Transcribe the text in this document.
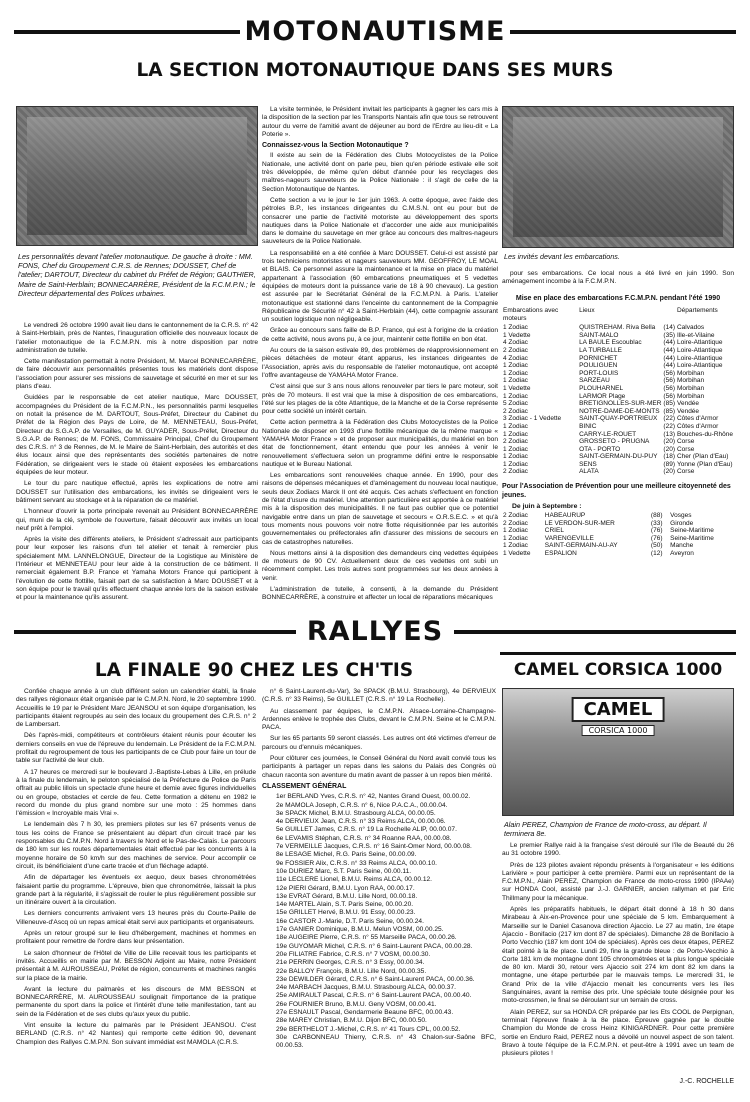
MOTONAUTISME
LA SECTION MOTONAUTIQUE DANS SES MURS
Les personnalités devant l'atelier motonautique. De gauche à droite : MM. FONS, Chef du Groupement C.R.S. de Rennes; DOUSSET, Chef de l'atelier; DARTOUT, Directeur du cabinet du Préfet de Région; GAUTHIER, Maire de Saint-Herblain; BONNECARRÈRE, Président de la F.C.M.P.N.; le Directeur départemental des Polices urbaines.

Le vendredi 26 octobre 1990 avait lieu dans le cantonnement de la C.R.S. n° 42 à Saint-Herblain, près de Nantes, l'inauguration officielle des nouveaux locaux de l'atelier motonautique de la F.C.M.P.N. mis à notre disposition par notre administration de tutelle.

Cette manifestation permettait à notre Président, M. Marcel BONNECARRÈRE, de faire découvrir aux personnalités présentes tous les matériels dont dispose l'association pour assurer ses missions de sauvetage et sécurité en mer et sur les plans d'eau.

Guidées par le responsable de cet atelier nautique, Marc DOUSSET, accompagnées du Président de la F.C.M.P.N., les personnalités parmi lesquelles on notait la présence de M. DARTOUT, Sous-Préfet, Directeur du Cabinet du Préfet de la Région des Pays de Loire, de M. MENNETEAU, Sous-Préfet, Directeur du S.G.A.P. de Versailles, de M. GUYADER, Sous-Préfet, Directeur du S.G.A.P. de Rennes; de M. FONS, Commissaire Principal, Chef du Groupement des C.R.S. n° 3 de Rennes, de M. le Maire de Saint-Herblain, des autorités et des élus locaux ainsi que des représentants des sociétés partenaires de notre Fédération, se dirigeaient vers le stade où étaient exposées les embarcations équipées de leur moteur.

Le tour du parc nautique effectué, après les explications de notre ami DOUSSET sur l'utilisation des embarcations, les invités se dirigeaient vers le bâtiment servant au stockage et à la réparation de ce matériel.

L'honneur d'ouvrir la porte principale revenait au Président BONNECARRÈRE qui, muni de la clé, symbole de l'ouverture, faisait découvrir aux invités un local neuf prêt à l'emploi.

Après la visite des différents ateliers, le Président s'adressait aux participants pour leur exposer les raisons d'un tel atelier et tenait à remercier plus spécialement MM. LANNELONGUE, Directeur de la Logistique au Ministère de l'Intérieur et MENNETEAU pour leur aide à la construction de ce bâtiment. Il remerciait également B.P. France et Yamaha Motors France qui participent à l'évolution de cette flottille, faisait part de sa satisfaction à Marc DOUSSET et à son équipe pour le travail qu'ils effectuent chaque année lors de la saison estivale et pour la maintenance qu'ils assurent.

La visite terminée, le Président invitait les participants à gagner les cars mis à la disposition de la section par les Transports Nantais afin que tous se retrouvent autour du verre de l'amitié avant de déjeuner au bord de l'Erdre au lieu-dit « La Poterie ».

Connaissez-vous la Section Motonautique ?

Il existe au sein de la Fédération des Clubs Motocyclistes de la Police Nationale, une activité dont on parle peu, bien qu'en période estivale elle soit très développée, de même qu'en début d'année pour les recyclages des maîtres-nageurs sauveteurs de la Police Nationale : il s'agit de celle de la Section Motonautique de Nantes.

Cette section a vu le jour le 1er juin 1963. A cette époque, avec l'aide des pétroles B.P., les instances dirigeantes du C.M.S.N. ont eu pour but de consacrer une partie de l'activité motoriste au développement des sports nautiques dans la Police Nationale et d'accorder une aide aux municipalités dans le domaine du sauvetage en mer grâce au concours des maîtres-nageurs sauveteurs de la Police Nationale.

La responsabilité en a été confiée à Marc DOUSSET. Celui-ci est assisté par trois techniciens motoristes et nageurs sauveteurs MM. GEOFFROY, LE MOAL et BLAIS. Ce personnel assure la maintenance et la mise en place du matériel appartenant à l'association (60 embarcations pneumatiques et 5 vedettes équipées de moteurs dont la puissance varie de 18 à 90 chevaux). La gestion est assurée par le Secrétariat Général de la F.C.M.P.N. à Paris. L'atelier motonautique est stationné dans l'enceinte du cantonnement de la Compagnie Républicaine de Sécurité n° 42 à Saint-Herblain (44), cette compagnie assurant un soutien logistique non négligeable.

Grâce au concours sans faille de B.P. France, qui est à l'origine de la création de cette activité, nous avons pu, à ce jour, maintenir cette flottille en bon état.

Au cours de la saison estivale 89, des problèmes de réapprovisionnement en pièces détachées de moteur étant apparus, les instances dirigeantes de l'Association, après avis du responsable de l'atelier motonautique, ont accepté l'offre avantageuse de YAMAHA Motor France.

C'est ainsi que sur 3 ans nous allons renouveler par tiers le parc moteur, soit près de 70 moteurs. Il est vrai que la mise à disposition de ces embarcations, l'été sur les plages de la côte Atlantique, de la Manche et de la Corse représente pour cette société un intérêt certain.

Cette action permettra à la Fédération des Clubs Motocyclistes de la Police Nationale de disposer en 1993 d'une flottille mécanique de la même marque « YAMAHA Motor France » et de proposer aux municipalités, du matériel en bon état de fonctionnement, étant entendu que pour les années à venir le renouvellement s'effectuera selon un programme défini entre le responsable nautique et le Bureau National.

Les embarcations sont renouvelées chaque année. En 1990, pour des raisons de dépenses mécaniques et d'aménagement du nouveau local nautique, seuls deux Zodiacs Marck II ont été acquis. Ces achats s'effectuent en fonction de l'état d'usure du matériel. Une attention particulière est apportée à ce matériel mis à la disposition des municipalités. Il ne faut pas oublier que ce potentiel navigable entre dans un plan de sauvetage et secours « O.R.S.E.C. » et qu'à tous moments nous pouvons voir notre flotte réquisitionnée par les autorités gouvernementales ou préfectorales afin d'assurer des missions de secours en cas de catastrophes naturelles.

Nous mettons ainsi à la disposition des demandeurs cinq vedettes équipées de moteurs de 90 CV. Actuellement deux de ces vedettes ont subi un récemment complet. Les trois autres sont programmées sur les deux années à venir.

L'administration de tutelle, à consenti, à la demande du Président BONNECARRÈRE, à construire et affecter un local de réparations mécaniques

Les invités devant les embarcations.

pour ses embarcations. Ce local nous a été livré en juin 1990. Son aménagement incombe à la F.C.M.P.N.

Mise en place des embarcations F.C.M.P.N. pendant l'été 1990
Embarcations avec moteurs	Lieux		Départements
1 Zodiac	QUISTREHAM. Riva Bella	(14)	Calvados
1 Vedette	SAINT-MALO	(35)	Ille-et-Vilaine
4 Zodiac	LA BAULE Escoublac	(44)	Loire-Atlantique
2 Zodiac	LA TURBALLE	(44)	Loire-Atlantique
4 Zodiac	PORNICHET	(44)	Loire-Atlantique
1 Zodiac	POULIGUEN	(44)	Loire-Atlantique
1 Zodiac	PORT-LOUIS	(56)	Morbihan
1 Zodiac	SARZEAU	(56)	Morbihan
1 Vedette	PLOUHARNEL	(56)	Morbihan
1 Zodiac	LARMOR Plage	(56)	Morbihan
5 Zodiac	BRETIGNOLLES-SUR-MER	(85)	Vendée
2 Zodiac	NOTRE-DAME-DE-MONTS	(85)	Vendée
3 Zodiac - 1 Vedette	SAINT-QUAY-PORTRIEUX	(22)	Côtes d'Armor
1 Zodiac	BINIC	(22)	Côtes d'Armor
1 Zodiac	CARRY-LE-ROUET	(13)	Bouches-du-Rhône
2 Zodiac	GROSSETO - PRUGNA	(20)	Corse
1 Zodiac	OTA - PORTO	(20)	Corse
1 Zodiac	SAINT-GERMAIN-DU-PUY	(18)	Cher (Plan d'Eau)
1 Zodiac	SENS	(89)	Yonne (Plan d'Eau)
2 Zodiac	ALATA	(20)	Corse
Pour l'Association de Prévention pour une meilleure citoyenneté des jeunes.
De juin à Septembre :
2 Zodiac	HABEAURUP	(88)	Vosges
2 Zodiac	LE VERDON-SUR-MER	(33)	Gironde
1 Zodiac	CRIEL	(76)	Seine-Maritime
1 Zodiac	VARENGEVILLE	(76)	Seine-Maritime
1 Zodiac	SAINT-GERMAIN-AU-AY	(50)	Manche
1 Vedette	ESPALION	(12)	Aveyron
RALLYES
LA FINALE 90 CHEZ LES CH'TIS

Confiée chaque année à un club différent selon un calendrier établi, la finale des rallyes régionaux était organisée par le C.M.P.N. Nord, le 20 septembre 1990. Accueillis le 19 par le Président Marc JEANSOU et son équipe d'organisation, les participants étaient regroupés au sein des locaux du groupement des C.R.S. n° 2 de Lambersart.

Dès l'après-midi, compétiteurs et contrôleurs étaient réunis pour écouter les derniers conseils en vue de l'épreuve du lendemain. Le Président de la F.C.M.P.N. profitait du regroupement de tous les participants de ce Club pour faire un tour de table sur l'activité de leur club.

A 17 heures ce mercredi sur le boulevard J.-Baptiste-Lebas à Lille, en prélude à la finale du lendemain, le peloton spécialisé de la Préfecture de Police de Paris offrait au public lillois un spectacle d'une heure et demie avec figures individuelles ou en groupe, obstacles et cercle de feu. Cette formation a détenu en 1982 le record du monde du plus grand nombre sur une moto : 25 hommes dans l'émission « Incroyable mais Vrai ».

Le lendemain dès 7 h 30, les premiers pilotes sur les 67 présents venus de tous les coins de France se présentaient au départ d'un circuit tracé par les responsables du C.M.P.N. Nord à travers le Nord et le Pas-de-Calais. Le parcours de 180 km sur les routes départementales était effectué par les concurrents à la moyenne horaire de 50 km/h sur des machines de service. Pour accomplir ce circuit, ils bénéficiaient d'une carte tracée et d'un fléchage adapté.

Afin de départager les éventuels ex aequo, deux bases chronométrées faisaient partie du programme. L'épreuve, bien que chronométrée, laissait la plus grande part à la régularité, il s'agissait de rouler le plus régulièrement possible sur un itinéraire ouvert à la circulation.

Les derniers concurrents arrivaient vers 13 heures près du Courte-Paille de Villeneuve-d'Ascq où un repas amical était servi aux participants et organisateurs.

Après un retour groupé sur le lieu d'hébergement, machines et hommes en profitaient pour remettre de l'ordre dans leur présentation.

Le salon d'honneur de l'Hôtel de Ville de Lille recevait tous les participants et invités. Accueillis en mairie par M. BESSON Adjoint au Maire, notre Président présentait à M. AUROUSSEAU, Préfet de région, concurrents et machines rangés sur la place de la mairie.

Avant la lecture du palmarès et les discours de MM BESSON et BONNECARRÈRE, M. AUROUSSEAU soulignait l'importance de la pratique permanente du sport dans la police et l'intérêt d'une telle manifestation, tant au sein de la Fédération et de ses clubs qu'aux yeux du public.

Vint ensuite la lecture du palmarès par le Président JEANSOU. C'est BERLAND (C.R.S. n° 42 Nantes) qui remporte cette édition 90, devenant Champion des Rallyes C.M.P.N. Son suivant immédiat est MAMOLA (C.R.S.

n° 6 Saint-Laurent-du-Var), 3e SPACK (B.M.U. Strasbourg), 4e DERVIEUX (C.R.S. n° 33 Reims), 5e GUILLET (C.R.S. n° 19 La Rochelle).

Au classement par équipes, le C.M.P.N. Alsace-Lorraine-Champagne-Ardennes enlève le trophée des Clubs, devant le C.M.P.N. Seine et le C.M.P.N. PACA.

Sur les 65 partants 59 seront classés. Les autres ont été victimes d'erreur de parcours ou d'ennuis mécaniques.

Pour clôturer ces journées, le Conseil Général du Nord avait convié tous les participants à partager un repas dans les salons du Palais des Congrès où chacun raconta son aventure du matin avant de passer à un repos bien mérité.

CLASSEMENT GÉNÉRAL
1er BERLAND Yves, C.R.S. n° 42, Nantes Grand Ouest, 00.00.02.
2e MAMOLA Joseph, C.R.S. n° 6, Nice P.A.C.A., 00.00.04.
3e SPACK Michel, B.M.U. Strasbourg ALCA, 00.00.05.
4e DERVIEUX Jean, C.R.S. n° 33 Reims ALCA, 00.00.06.
5e GUILLET James, C.R.S. n° 19 La Rochelle ALIP, 00.00.07.
6e LEVAMIS Stéphan, C.R.S. n° 34 Roanne RAA, 00.00.08.
7e VERMEILLE Jacques, C.R.S. n° 16 Saint-Omer Nord, 00.00.08.
8e LESAGE Michel, R.G. Paris Seine, 00.00.09.
9e FOSSIER Alix, C.R.S. n° 33 Reims ALCA, 00.00.10.
10e DURIEZ Marc, S.T. Paris Seine, 00.00.11.
11e LECLERE Lionel, B.M.U. Reims ALCA, 00.00.12.
12e PIERI Gérard, B.M.U. Lyon RAA, 00.00.17.
13e EVRAT Gérard, B.M.U. Lille Nord, 00.00.18.
14e MARTEL Alain, S.T. Paris Seine, 00.00.20.
15e GRILLET Hervé, B.M.U. 91 Essy, 00.00.23.
16e CASTOR J.-Marie, D.T. Paris Seine, 00.00.24.
17e GANIER Dominique, B.M.U. Melun VOSM, 00.00.25.
18e AUGEIRE Pierre, C.R.S. n° 55 Marseille PACA, 00.00.26.
19e GUYOMAR Michel, C.R.S. n° 6 Saint-Laurent PACA, 00.00.28.
20e FILIATRE Fabrice, C.R.S. n° 7 VOSM, 00.00.30.
21e PERRIN Georges, C.R.S. n° 3 Essy, 00.00.34.
22e BALLOY François, B.M.U. Lille Nord, 00.00.35.
23e DEWILDER Gérard, C.R.S. n° 6 Saint-Laurent PACA, 00.00.36.
24e MARBACH Jacques, B.M.U. Strasbourg ALCA, 00.00.37.
25e AMIRAULT Pascal, C.R.S. n° 6 Saint-Laurent PACA, 00.00.40.
26e FOURNIER Bruno, B.M.U. Geny VOSM, 00.00.41.
27e ESNAULT Pascal, Gendarmerie Beaune BFC, 00.00.43.
28e MAREY Christian, B.M.U. Dijon BFC, 00.00.50.
29e BERTHELOT J.-Michel, C.R.S. n° 41 Tours CPL, 00.00.52.
30e CARBONNEAU Thierry, C.R.S. n° 43 Chalon-sur-Saône BFC, 00.00.53.
CAMEL CORSICA 1000
CAMEL
CORSICA 1000
Alain PEREZ, Champion de France de moto-cross, au départ. Il terminera 8e.

Le premier Rallye raid à la française s'est déroulé sur l'île de Beauté du 26 au 31 octobre 1990.

Près de 123 pilotes avaient répondu présents à l'organisateur « les éditions Larivière » pour participer à cette première. Parmi eux un représentant de la F.C.M.P.N., Alain PEREZ, Champion de France de moto-cross 1990 (IPAAe) sur HONDA Cool, assisté par J.-J. GARNIER, ancien rallyman et par Eric Thillmany pour la mécanique.

Après les préparatifs habituels, le départ était donné à 18 h 30 dans Mirabeau à Aix-en-Provence pour une spéciale de 5 km. Embarquement à Marseille sur le Daniel Casanova direction Ajaccio. Le 27 au matin, 1re étape Ajaccio - Bonifacio (217 km dont 87 de spéciales). Dimanche 28 de Bonifacio à Porto Vecchio (187 km dont 104 de spéciales). Après ces deux étapes, PEREZ était pointé à la 8e place. Lundi 29, fine la grande bleue : de Porto-Vecchio à Corte 181 km de montagne dont 105 chronométrées et la plus longue spéciale de 80 km. Mardi 30, retour vers Ajaccio soit 274 km dont 82 km dans la montagne, une étape perturbée par le mauvais temps. Le mercredi 31, le Grand Prix de la ville d'Ajaccio menait les concurrents vers les îles Sanguinaires, avant la remise des prix. Une spéciale toute désignée pour les moto-crossmen, le final se déroulant sur un terrain de cross.

Alain PEREZ, sur sa HONDA CR préparée par les Ets COOL de Perpignan, terminait l'épreuve finale à la 8e place. Épreuve gagnée par le double Champion du Monde de cross Heinz KINIGARDNER. Pour cette première sortie en Enduro Raid, PEREZ nous a dévoilé un nouvel aspect de son talent. Bravo à toute l'équipe de la F.C.M.P.N. et peut-être à 1991 avec un team de plusieurs pilotes !

J.-C. ROCHELLE
